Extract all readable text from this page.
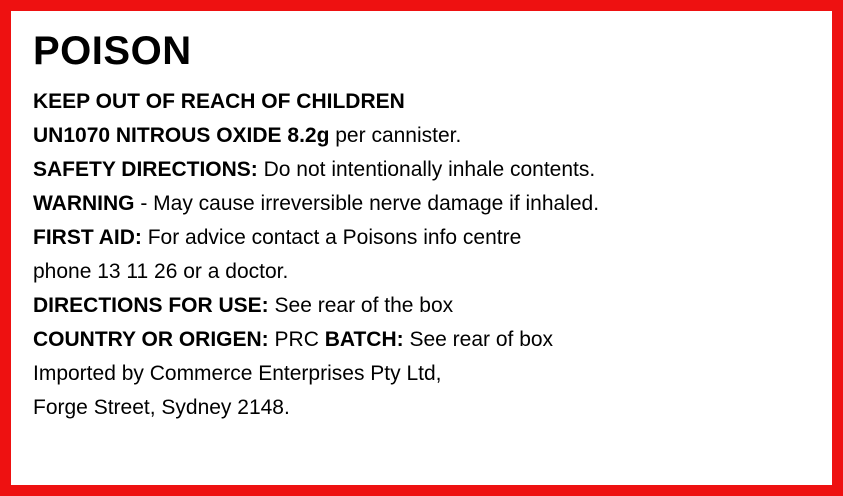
POISON
KEEP OUT OF REACH OF CHILDREN
UN1070 NITROUS OXIDE 8.2g per cannister.
SAFETY DIRECTIONS: Do not intentionally inhale contents.
WARNING - May cause irreversible nerve damage if inhaled.
FIRST AID: For advice contact a Poisons info centre
phone 13 11 26 or a doctor.
DIRECTIONS FOR USE: See rear of the box
COUNTRY OR ORIGEN: PRC BATCH: See rear of box
Imported by Commerce Enterprises Pty Ltd,
Forge Street, Sydney 2148.
